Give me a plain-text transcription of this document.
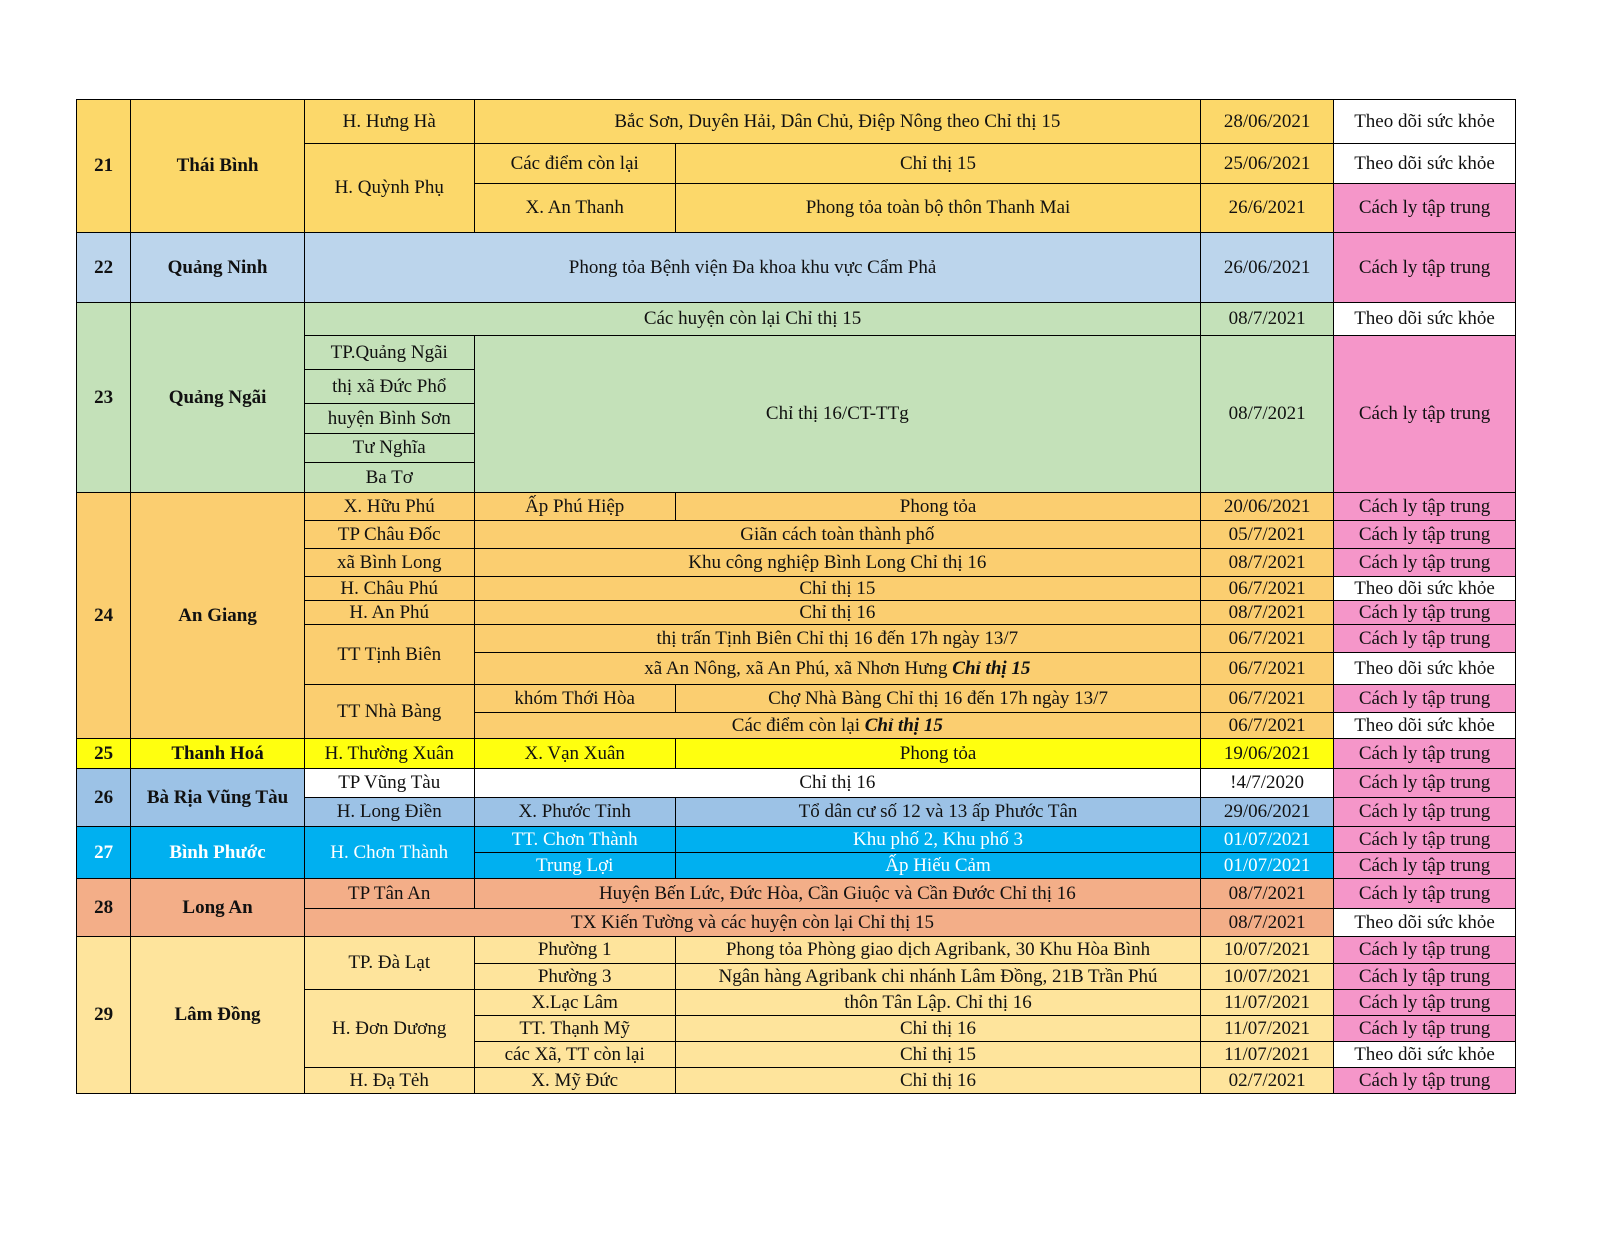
21	Thái Bình	H. Hưng Hà	Bắc Sơn, Duyên Hải, Dân Chủ, Điệp Nông theo Chỉ thị 15		28/06/2021	Theo dõi sức khỏe
		H. Quỳnh Phụ	Các điểm còn lại	Chỉ thị 15	25/06/2021	Theo dõi sức khỏe
			X. An Thanh	Phong tỏa toàn bộ thôn Thanh Mai	26/6/2021	Cách ly tập trung
22	Quảng Ninh	Phong tỏa Bệnh viện Đa khoa khu vực Cẩm Phả			26/06/2021	Cách ly tập trung
23	Quảng Ngãi	Các huyện còn lại Chỉ thị 15			08/7/2021	Theo dõi sức khỏe
		TP.Quảng Ngãi	Chỉ thị 16/CT-TTg		08/7/2021	Cách ly tập trung
		thị xã Đức Phổ				
		huyện Bình Sơn				
		Tư Nghĩa				
		Ba Tơ				
24	An Giang	X. Hữu Phú	Ấp Phú Hiệp	Phong tỏa	20/06/2021	Cách ly tập trung
		TP Châu Đốc	Giãn cách toàn thành phố		05/7/2021	Cách ly tập trung
		xã Bình Long	Khu công nghiệp Bình Long Chỉ thị 16		08/7/2021	Cách ly tập trung
		H. Châu Phú	Chỉ thị 15		06/7/2021	Theo dõi sức khỏe
		H. An Phú	Chỉ thị 16		08/7/2021	Cách ly tập trung
		TT Tịnh Biên	thị trấn Tịnh Biên Chỉ thị 16 đến 17h ngày 13/7		06/7/2021	Cách ly tập trung
			xã An Nông, xã An Phú, xã Nhơn Hưng Chỉ thị 15		06/7/2021	Theo dõi sức khỏe
		TT Nhà Bàng	khóm Thới Hòa	Chợ Nhà Bàng Chỉ thị 16 đến 17h ngày 13/7	06/7/2021	Cách ly tập trung
			Các điểm còn lại Chỉ thị 15		06/7/2021	Theo dõi sức khỏe
25	Thanh Hoá	H. Thường Xuân	X. Vạn Xuân	Phong tỏa	19/06/2021	Cách ly tập trung
26	Bà Rịa Vũng Tàu	TP Vũng Tàu	Chỉ thị 16		!4/7/2020	Cách ly tập trung
		H. Long Điền	X. Phước Tỉnh	Tổ dân cư số 12 và 13 ấp Phước Tân	29/06/2021	Cách ly tập trung
27	Bình Phước	H. Chơn Thành	TT. Chơn Thành	Khu phố 2, Khu phố 3	01/07/2021	Cách ly tập trung
			Trung Lợi	Ấp Hiếu Cảm	01/07/2021	Cách ly tập trung
28	Long An	TP Tân An	Huyện Bến Lức, Đức Hòa, Cần Giuộc và Cần Đước Chỉ thị 16		08/7/2021	Cách ly tập trung
		TX Kiến Tường và các huyện còn lại Chỉ thị 15			08/7/2021	Theo dõi sức khỏe
29	Lâm Đồng	TP. Đà Lạt	Phường 1	Phong tỏa Phòng giao dịch Agribank, 30 Khu Hòa Bình	10/07/2021	Cách ly tập trung
			Phường 3	Ngân hàng Agribank chi nhánh Lâm Đồng, 21B Trần Phú	10/07/2021	Cách ly tập trung
		H. Đơn Dương	X.Lạc Lâm	thôn Tân Lập. Chỉ thị 16	11/07/2021	Cách ly tập trung
			TT. Thạnh Mỹ	Chỉ thị 16	11/07/2021	Cách ly tập trung
			các Xã, TT còn lại	Chỉ thị 15	11/07/2021	Theo dõi sức khỏe
		H. Đạ Tẻh	X. Mỹ Đức	Chỉ thị 16	02/7/2021	Cách ly tập trung
